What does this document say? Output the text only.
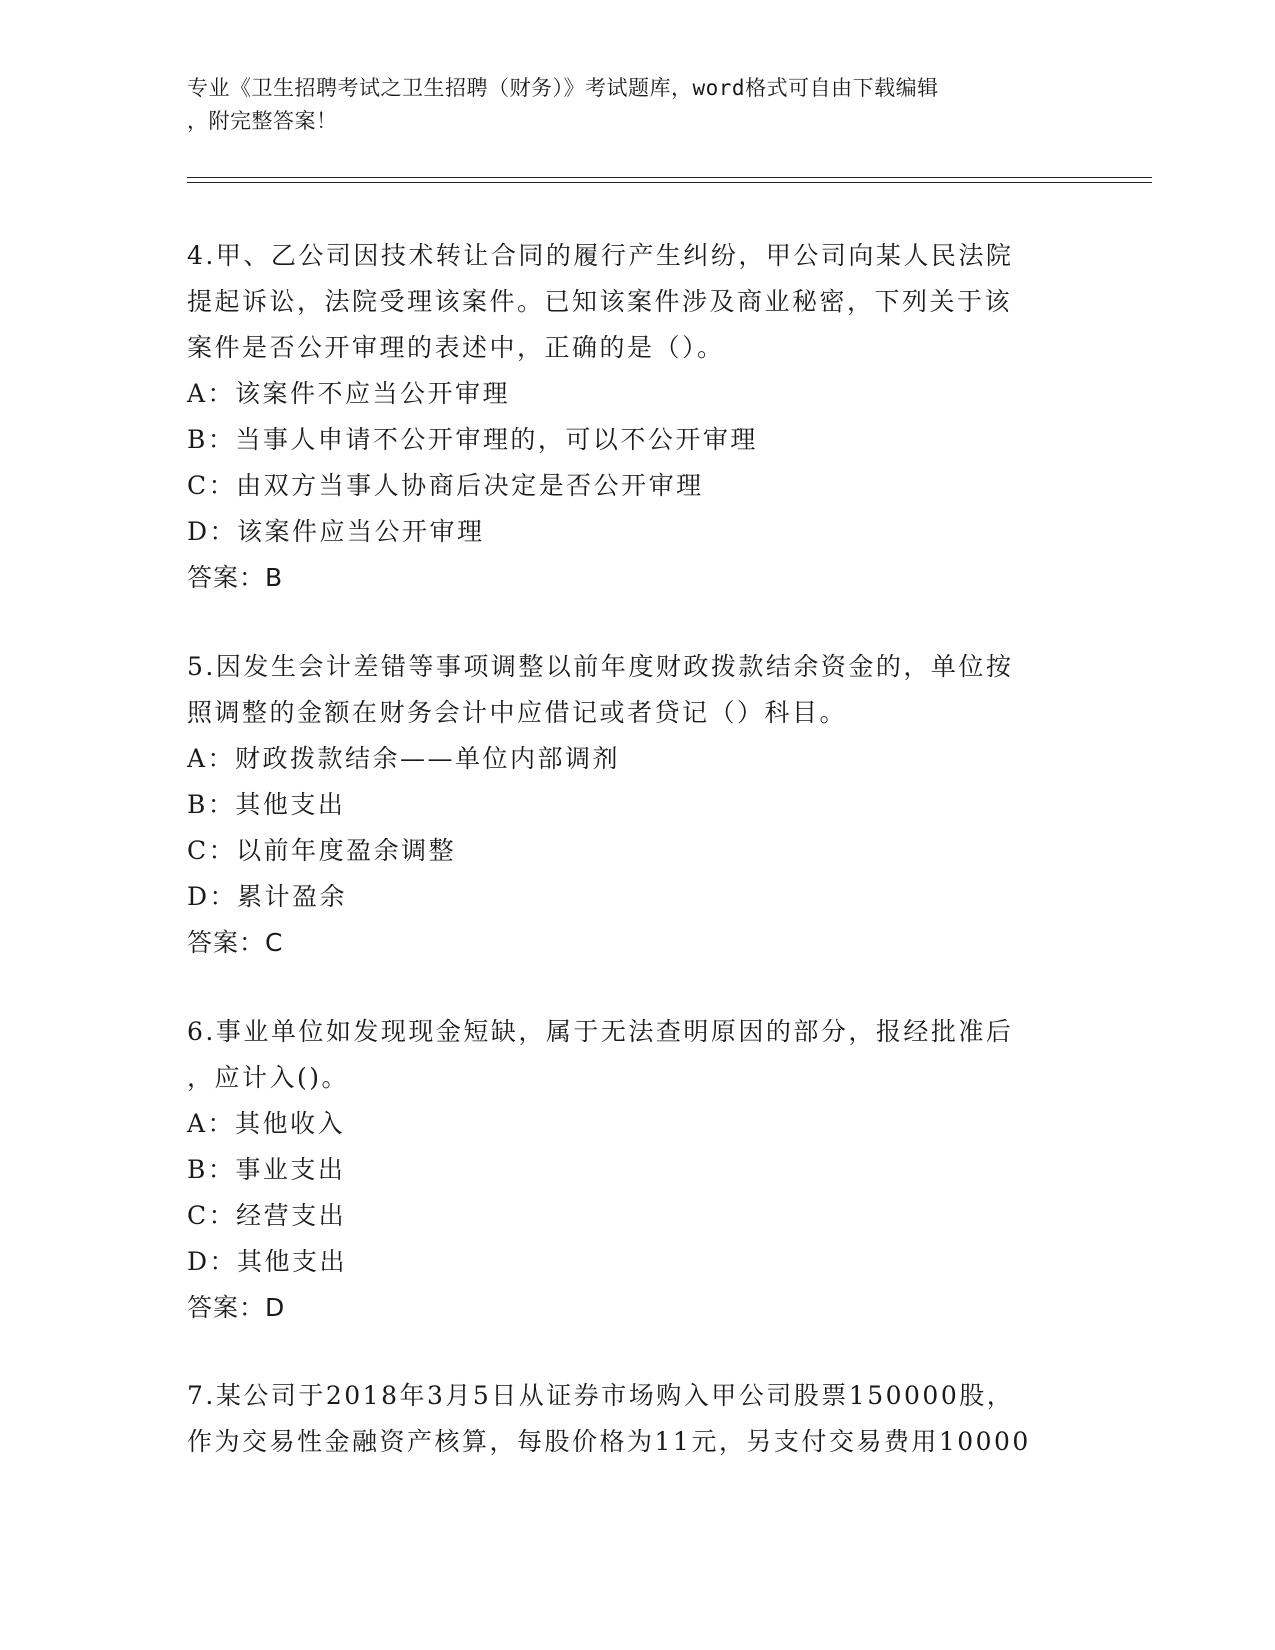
专业《卫生招聘考试之卫生招聘（财务）》考试题库，word格式可自由下载编辑
，附完整答案！
4.甲、乙公司因技术转让合同的履行产生纠纷，甲公司向某人民法院
提起诉讼，法院受理该案件。已知该案件涉及商业秘密，下列关于该
案件是否公开审理的表述中，正确的是（）。
A：该案件不应当公开审理
B：当事人申请不公开审理的，可以不公开审理
C：由双方当事人协商后决定是否公开审理
D：该案件应当公开审理
答案：B
5.因发生会计差错等事项调整以前年度财政拨款结余资金的，单位按
照调整的金额在财务会计中应借记或者贷记（）科目。
A：财政拨款结余——单位内部调剂
B：其他支出
C：以前年度盈余调整
D：累计盈余
答案：C
6.事业单位如发现现金短缺，属于无法查明原因的部分，报经批准后
，应计入()。
A：其他收入
B：事业支出
C：经营支出
D：其他支出
答案：D
7.某公司于2018年3月5日从证券市场购入甲公司股票150000股，
作为交易性金融资产核算，每股价格为11元，另支付交易费用10000
